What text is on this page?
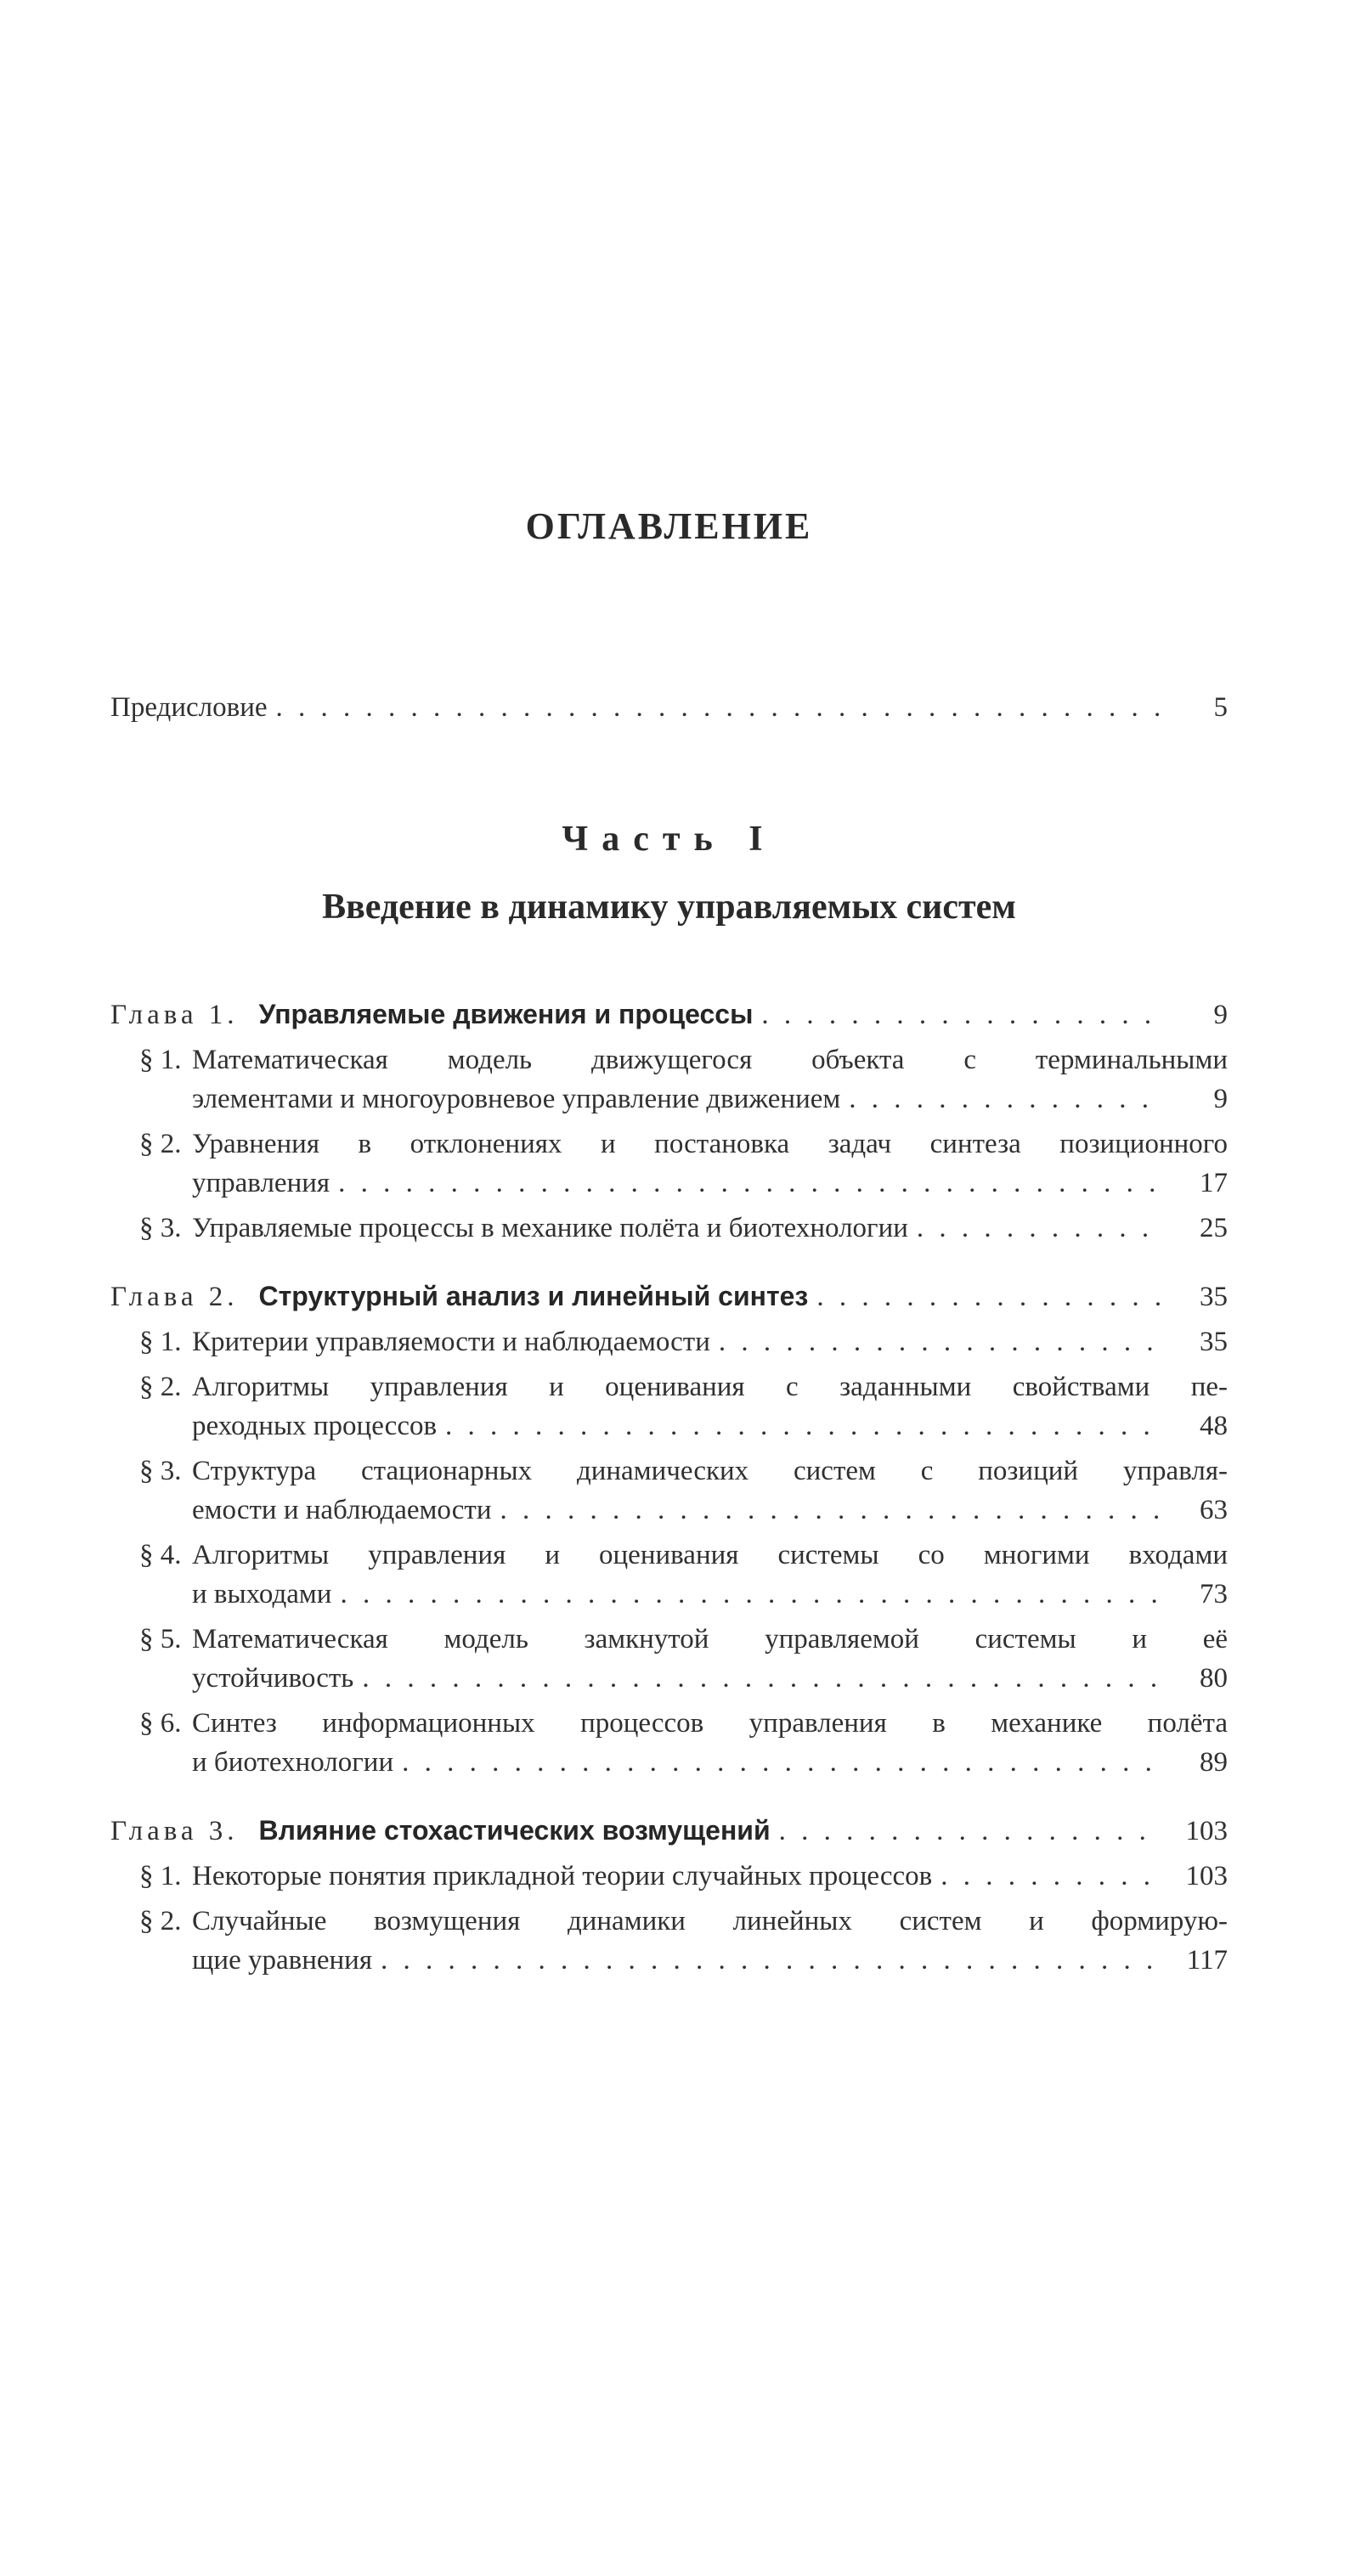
ОГЛАВЛЕНИЕ
Предисловие . . .	5
Часть I
Введение в динамику управляемых систем
Глава 1. Управляемые движения и процессы . . .	9
§ 1. Математическая модель движущегося объекта с терминальными
элементами и многоуровневое управление движением . . .	9
§ 2. Уравнения в отклонениях и постановка задач синтеза позиционного
управления . . .	17
§ 3. Управляемые процессы в механике полёта и биотехнологии . . .	25
Глава 2. Структурный анализ и линейный синтез . . .	35
§ 1. Критерии управляемости и наблюдаемости . . .	35
§ 2. Алгоритмы управления и оценивания с заданными свойствами пе-
реходных процессов . . .	48
§ 3. Структура стационарных динамических систем с позиций управля-
емости и наблюдаемости . . .	63
§ 4. Алгоритмы управления и оценивания системы со многими входами
и выходами . . .	73
§ 5. Математическая модель замкнутой управляемой системы и её
устойчивость . . .	80
§ 6. Синтез информационных процессов управления в механике полёта
и биотехнологии . . .	89
Глава 3. Влияние стохастических возмущений . . .	103
§ 1. Некоторые понятия прикладной теории случайных процессов . . .	103
§ 2. Случайные возмущения динамики линейных систем и формирую-
щие уравнения . . .	117
